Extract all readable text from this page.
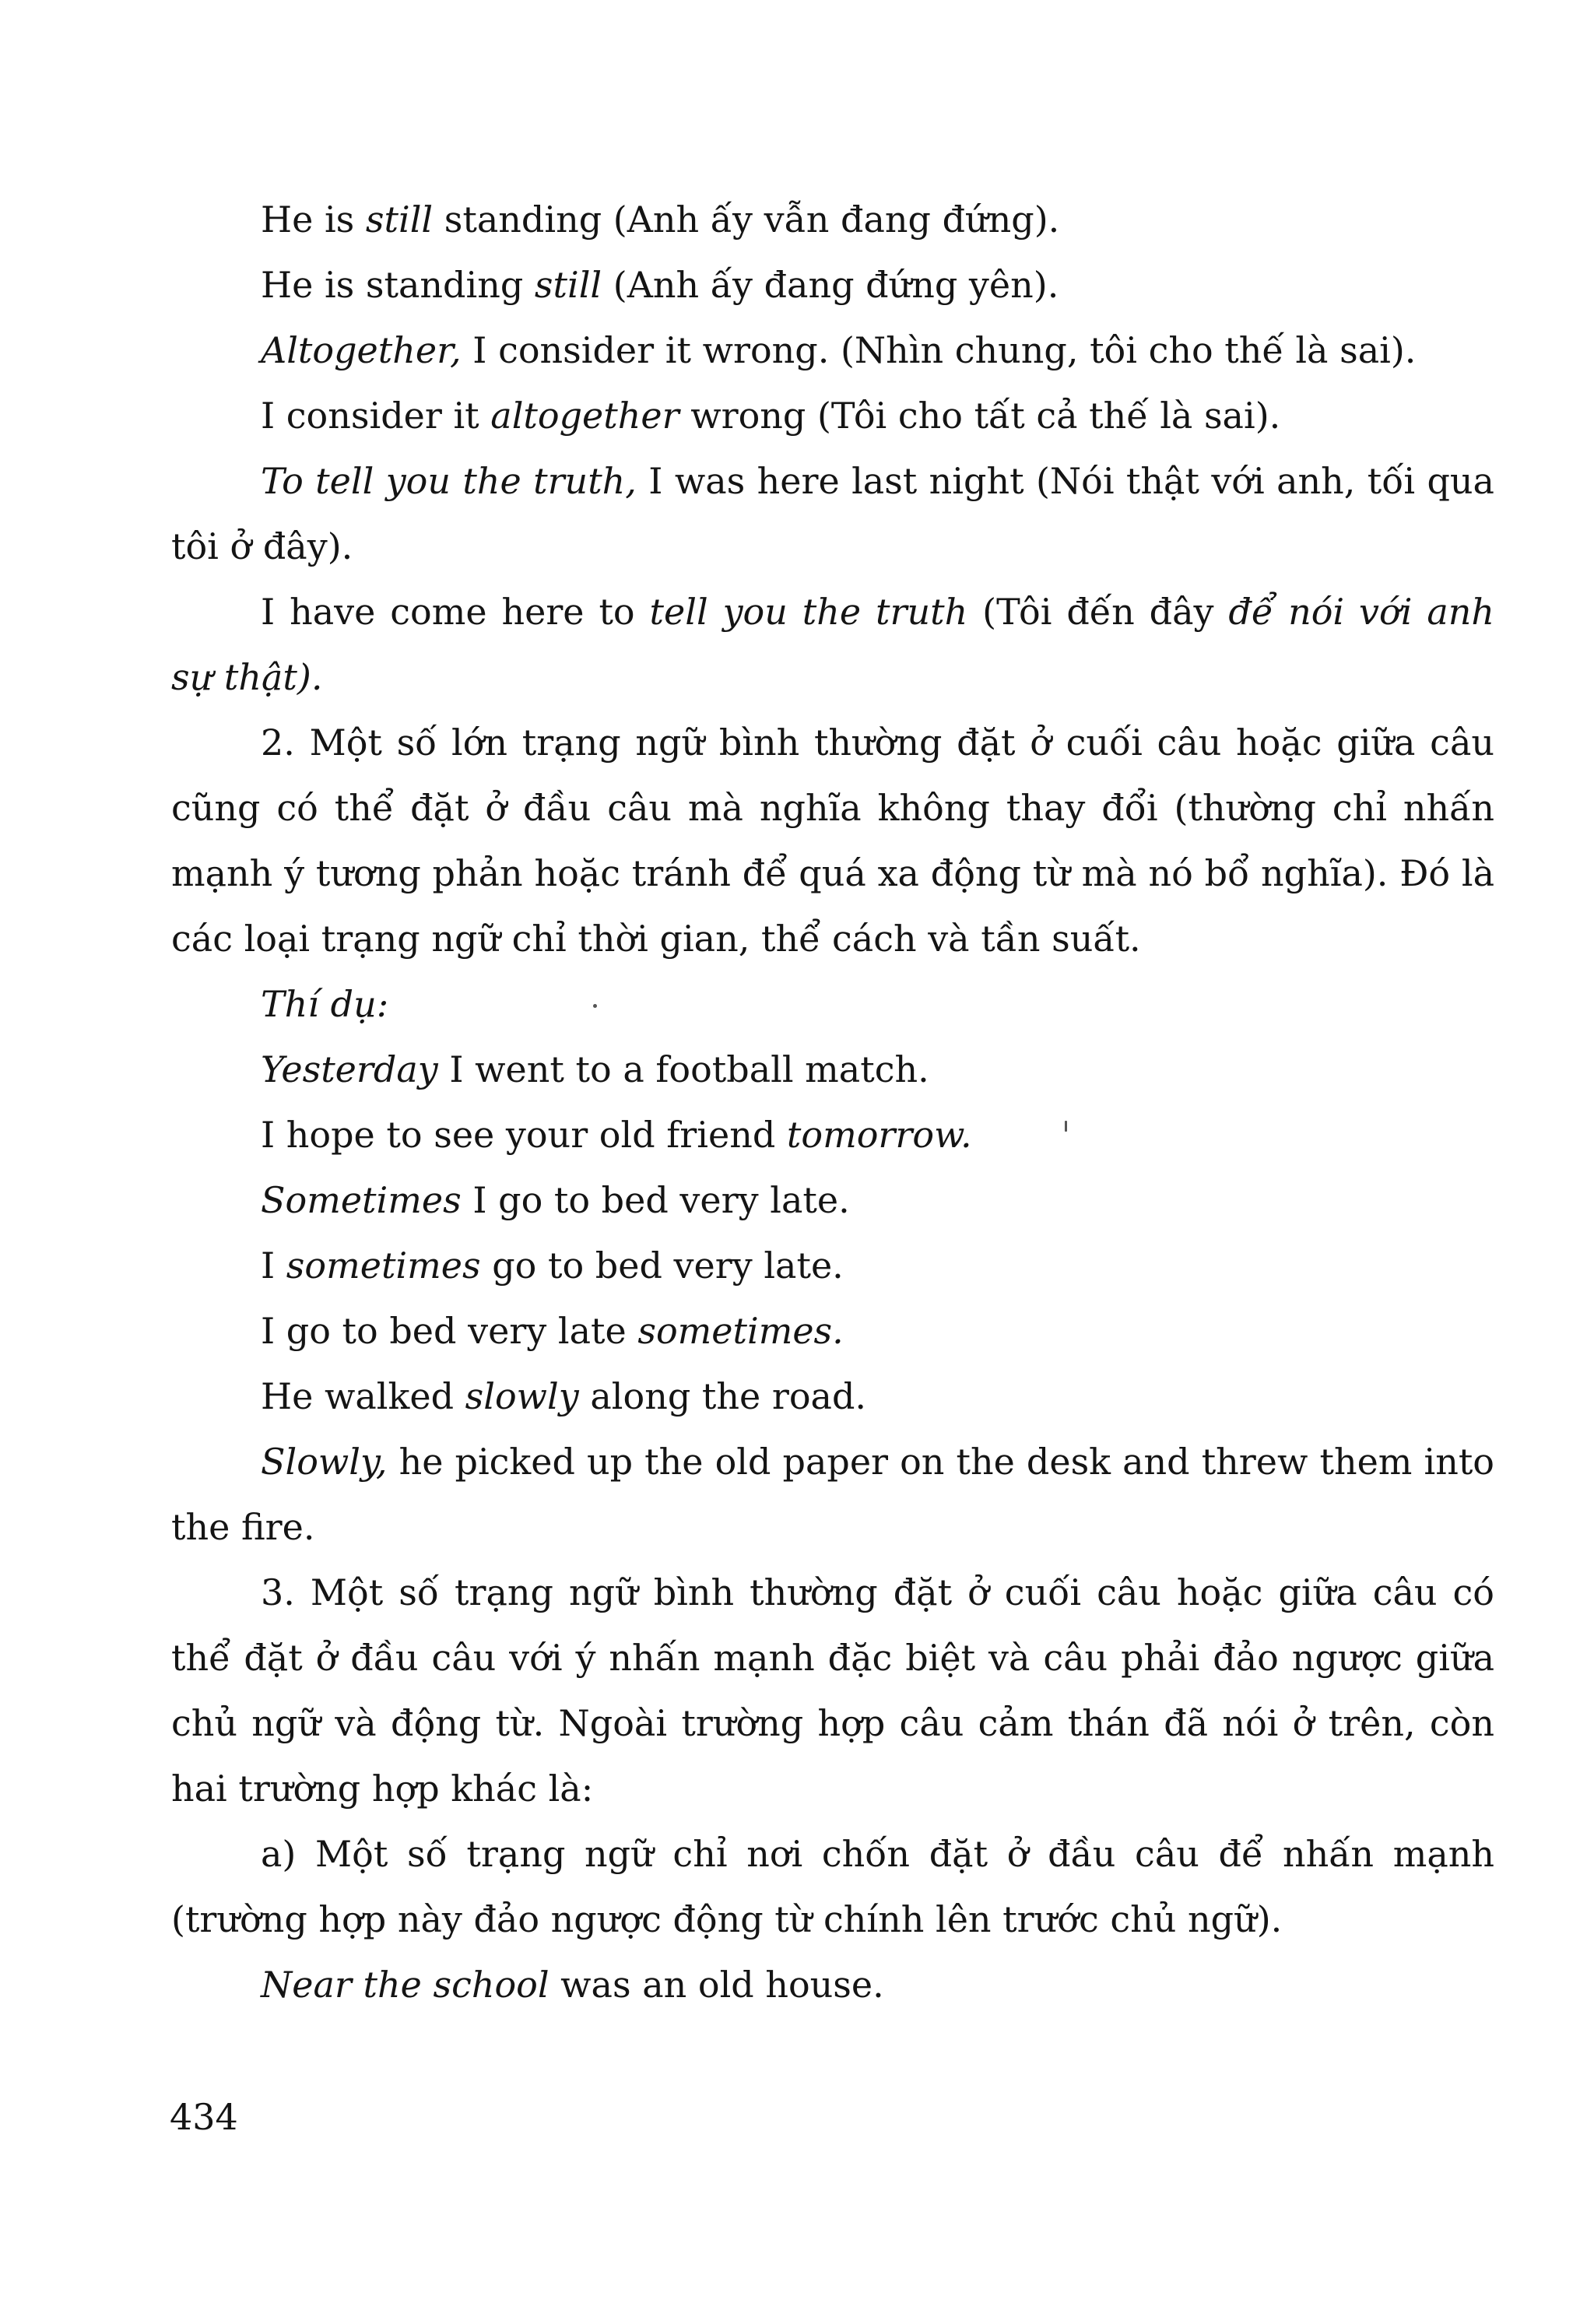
He is still standing (Anh ấy vẫn đang đứng).
He is standing still (Anh ấy đang đứng yên).
Altogether, I consider it wrong. (Nhìn chung, tôi cho thế là sai).
I consider it altogether wrong (Tôi cho tất cả thế là sai).
To tell you the truth, I was here last night (Nói thật với anh, tối qua tôi ở đây).
I have come here to tell you the truth (Tôi đến đây để nói với anh sự thật).
2. Một số lớn trạng ngữ bình thường đặt ở cuối câu hoặc giữa câu cũng có thể đặt ở đầu câu mà nghĩa không thay đổi (thường chỉ nhấn mạnh ý tương phản hoặc tránh để quá xa động từ mà nó bổ nghĩa). Đó là các loại trạng ngữ chỉ thời gian, thể cách và tần suất.
Thí dụ:
Yesterday I went to a football match.
I hope to see your old friend tomorrow.
Sometimes I go to bed very late.
I sometimes go to bed very late.
I go to bed very late sometimes.
He walked slowly along the road.
Slowly, he picked up the old paper on the desk and threw them into the fire.
3. Một số trạng ngữ bình thường đặt ở cuối câu hoặc giữa câu có thể đặt ở đầu câu với ý nhấn mạnh đặc biệt và câu phải đảo ngược giữa chủ ngữ và động từ. Ngoài trường hợp câu cảm thán đã nói ở trên, còn hai trường hợp khác là:
a) Một số trạng ngữ chỉ nơi chốn đặt ở đầu câu để nhấn mạnh (trường hợp này đảo ngược động từ chính lên trước chủ ngữ).
Near the school was an old house.
434
